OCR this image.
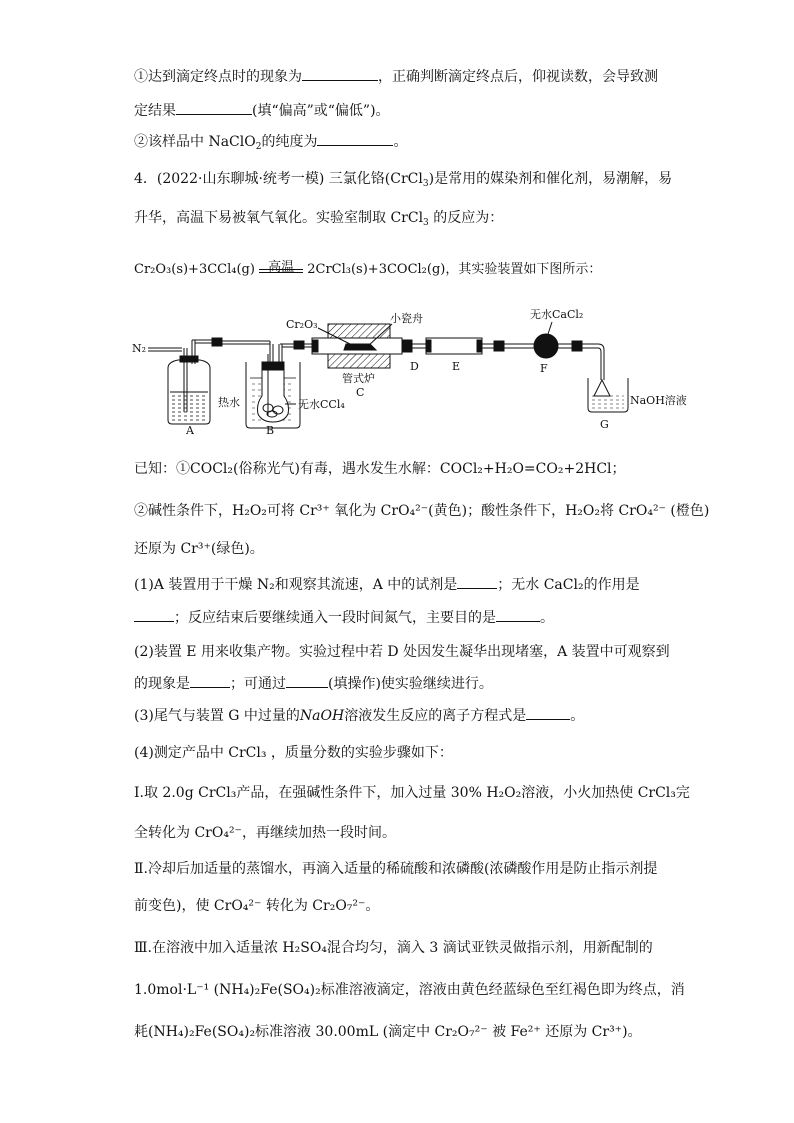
①达到滴定终点时的现象为	，正确判断滴定终点后，仰视读数，会导致测
定结果	(填“偏高”或“偏低”)。
②该样品中 NaClO$_2$的纯度为	。
4．(2022·山东聊城·统考一模) 三氯化铬(CrCl$_3$)是常用的媒染剂和催化剂，易潮解，易
升华，高温下易被氧气氧化。实验室制取 CrCl$_3$ 的反应为：
Cr₂O₃(s)+3CCl₄(g)	高温	2CrCl₃(s)+3COCl₂(g)，其实验装置如下图所示：
N₂
A
热水	无水CCl₄
B
Cr₂O₃	小瓷舟
管式炉
C
D	E
无水CaCl₂
F
NaOH溶液
G
已知：①COCl₂(俗称光气)有毒，遇水发生水解：COCl₂+H₂O=CO₂+2HCl；
②碱性条件下，H₂O₂可将 Cr³⁺ 氧化为 CrO₄²⁻(黄色)；酸性条件下，H₂O₂将 CrO₄²⁻ (橙色)
还原为 Cr³⁺(绿色)。
(1)A 装置用于干燥 N₂和观察其流速，A 中的试剂是	；无水 CaCl₂的作用是
；反应结束后要继续通入一段时间氮气，主要目的是	。
(2)装置 E 用来收集产物。实验过程中若 D 处因发生凝华出现堵塞，A 装置中可观察到
的现象是	；可通过	(填操作)使实验继续进行。
(3)尾气与装置 G 中过量的NaOH溶液发生反应的离子方程式是	。
(4)测定产品中 CrCl₃ ，质量分数的实验步骤如下：
Ⅰ.取 2.0g CrCl₃产品，在强碱性条件下，加入过量 30% H₂O₂溶液，小火加热使 CrCl₃完
全转化为 CrO₄²⁻，再继续加热一段时间。
Ⅱ.冷却后加适量的蒸馏水，再滴入适量的稀硫酸和浓磷酸(浓磷酸作用是防止指示剂提
前变色)，使 CrO₄²⁻ 转化为 Cr₂O₇²⁻。
Ⅲ.在溶液中加入适量浓 H₂SO₄混合均匀，滴入 3 滴试亚铁灵做指示剂，用新配制的
1.0mol·L⁻¹ (NH₄)₂Fe(SO₄)₂标准溶液滴定，溶液由黄色经蓝绿色至红褐色即为终点，消
耗(NH₄)₂Fe(SO₄)₂标准溶液 30.00mL (滴定中 Cr₂O₇²⁻ 被 Fe²⁺ 还原为 Cr³⁺)。
